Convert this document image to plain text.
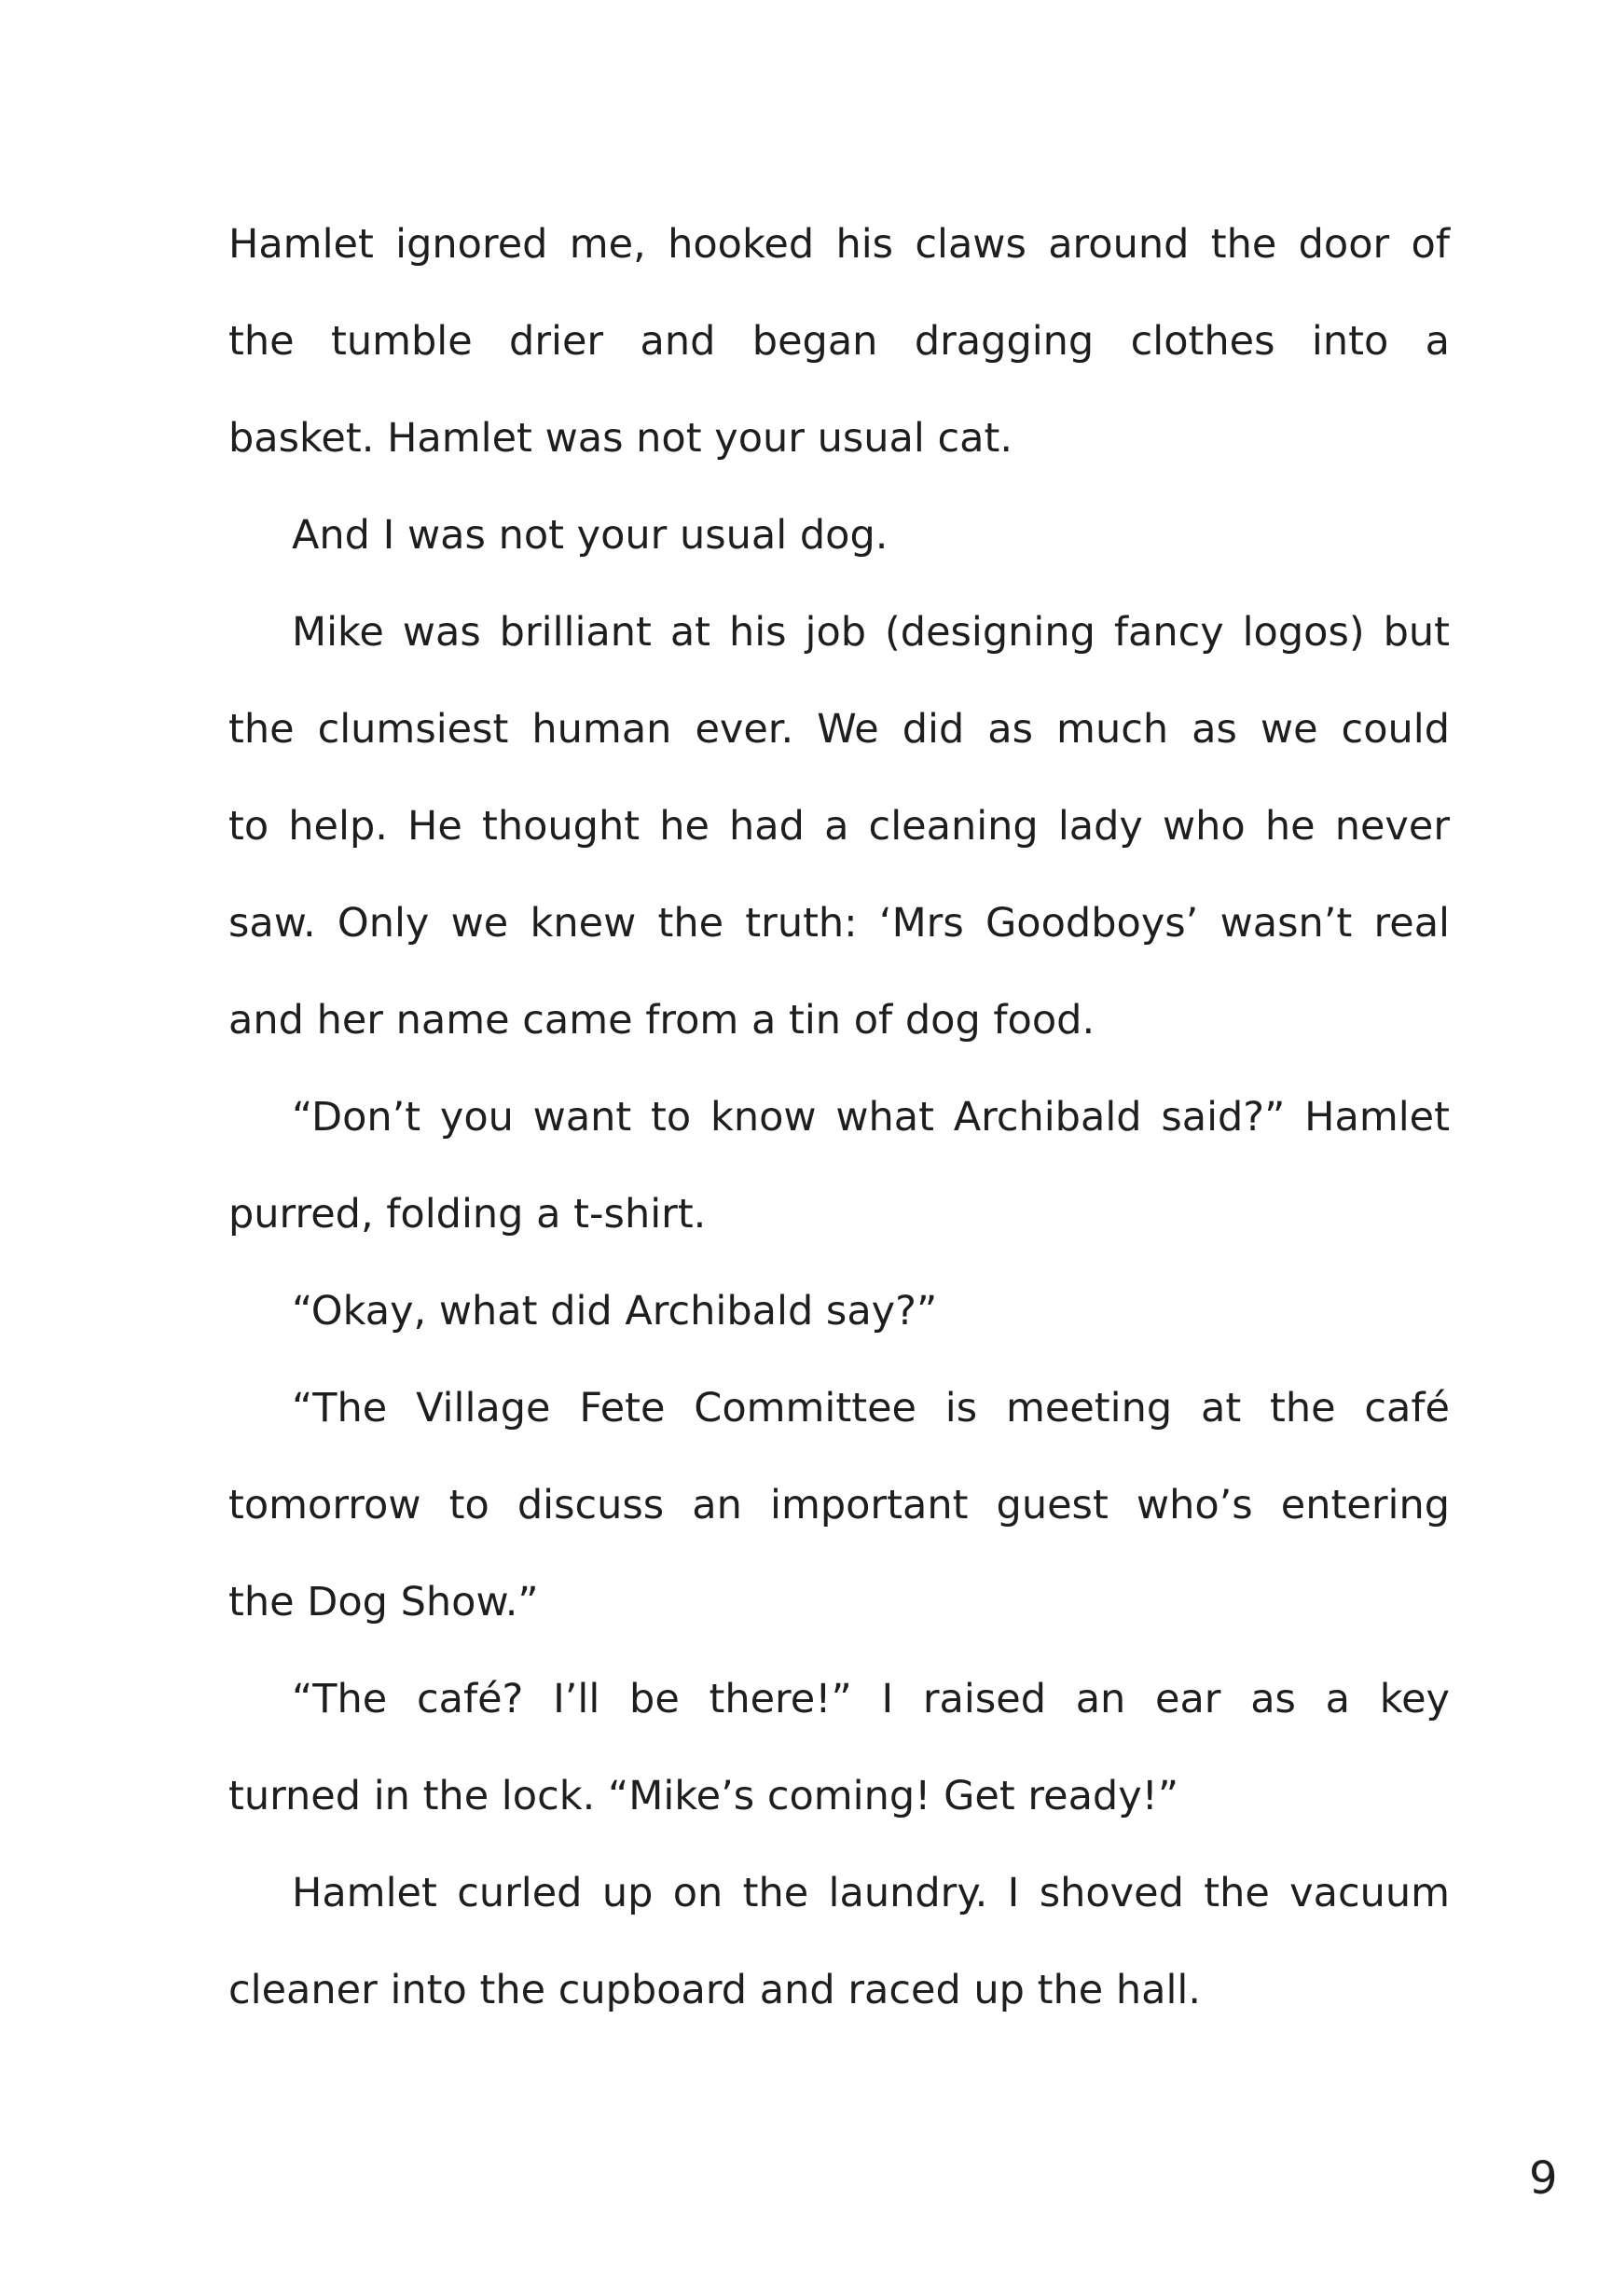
Hamlet ignored me, hooked his claws around the door of
the tumble drier and began dragging clothes into a
basket. Hamlet was not your usual cat.
And I was not your usual dog.
Mike was brilliant at his job (designing fancy logos) but
the clumsiest human ever. We did as much as we could
to help. He thought he had a cleaning lady who he never
saw. Only we knew the truth: ‘Mrs Goodboys’ wasn’t real
and her name came from a tin of dog food.
“Don’t you want to know what Archibald said?” Hamlet
purred, folding a t-shirt.
“Okay, what did Archibald say?”
“The Village Fete Committee is meeting at the café
tomorrow to discuss an important guest who’s entering
the Dog Show.”
“The café? I’ll be there!” I raised an ear as a key
turned in the lock. “Mike’s coming! Get ready!”
Hamlet curled up on the laundry. I shoved the vacuum
cleaner into the cupboard and raced up the hall.
9
